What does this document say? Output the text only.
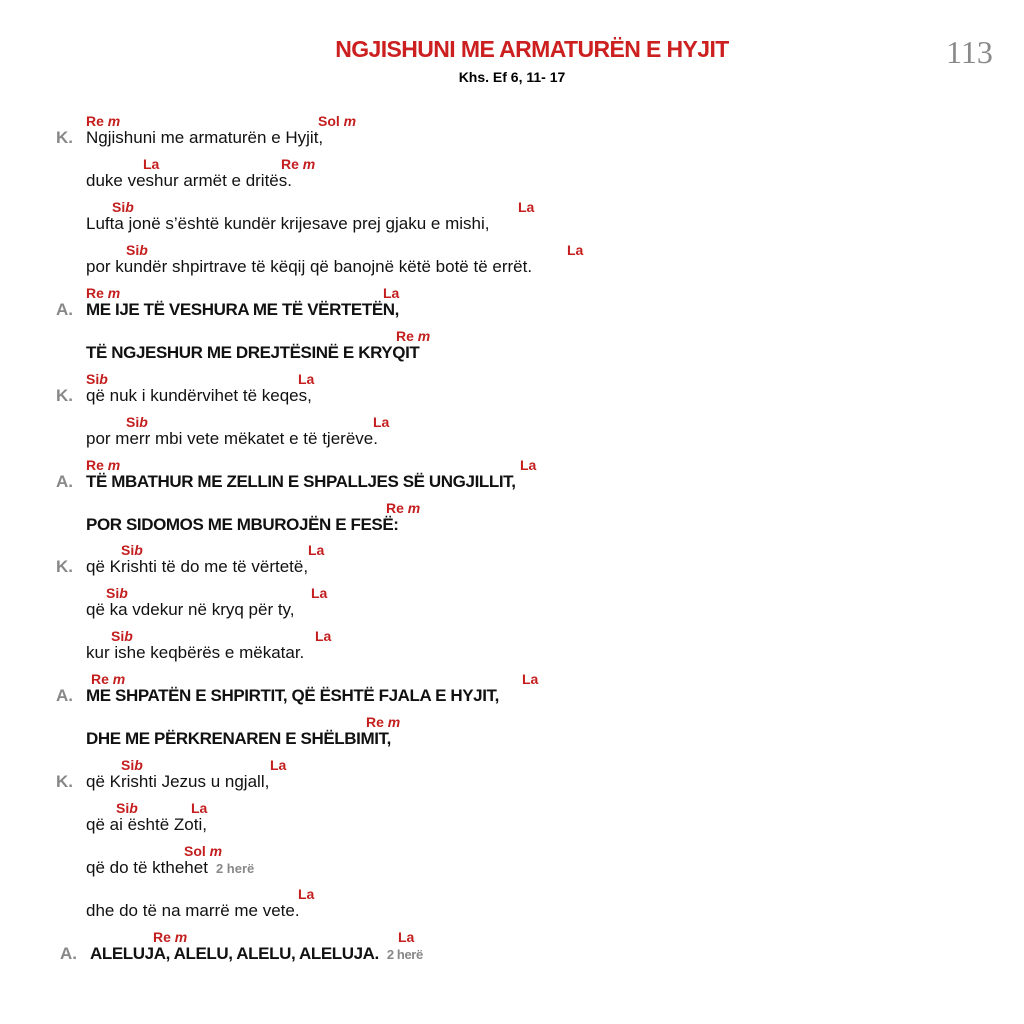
NGJISHUNI ME ARMATURËN E HYJIT
Khs. Ef 6, 11- 17
113
Re m	Sol m
K. Ngjishuni me armaturën e Hyjit,
La	Re m
duke veshur armët e dritës.
Sib	La
Lufta jonë s’është kundër krijesave prej gjaku e mishi,
Sib	La
por kundër shpirtrave të këqij që banojnë këtë botë të errët.
Re m	La
A. ME IJE TË VESHURA ME TË VËRTETËN,
Re m
TË NGJESHUR ME DREJTËSINË E KRYQIT
Sib	La
K. që nuk i kundërvihet të keqes,
Sib	La
por merr mbi vete mëkatet e të tjerëve.
Re m	La
A. TË MBATHUR ME ZELLIN E SHPALLJES SË UNGJILLIT,
Re m
POR SIDOMOS ME MBUROJËN E FESË:
Sib	La
K. që Krishti të do me të vërtetë,
Sib	La
që ka vdekur në kryq për ty,
Sib	La
kur ishe keqbërës e mëkatar.
Re m	La
A. ME SHPATËN E SHPIRTIT, QË ËSHTË FJALA E HYJIT,
Re m
DHE ME PËRKRENAREN E SHËLBIMIT,
Sib	La
K. që Krishti Jezus u ngjall,
Sib	La
që ai është Zoti,
Sol m
që do të kthehet 2 herë
La
dhe do të na marrë me vete.
Re m	La
A. ALELUJA, ALELU, ALELU, ALELUJA. 2 herë
